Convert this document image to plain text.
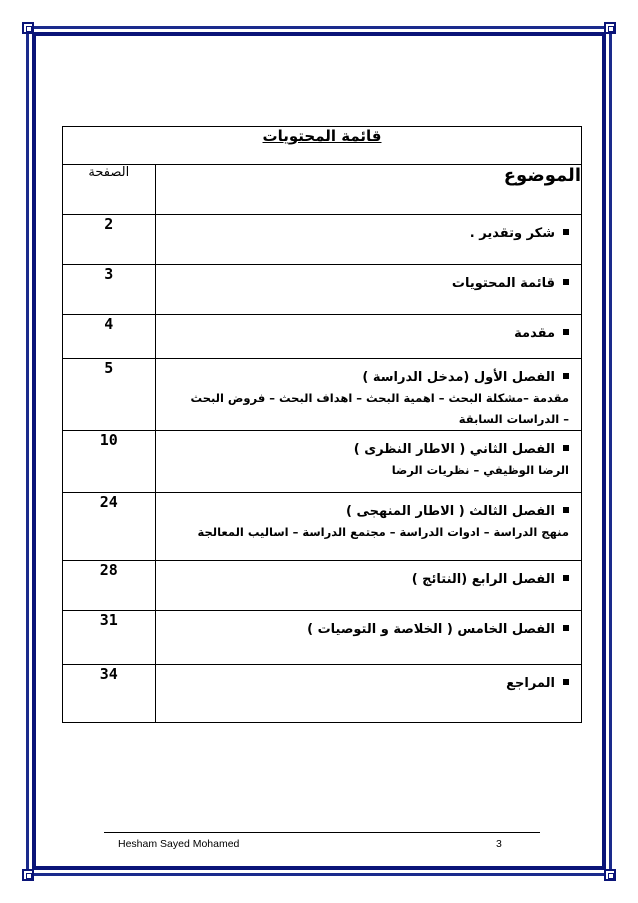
قائمة المحتويات	
الموضوع	الصفحة

شكر وتقدير .	2

قائمة المحتويات	3

مقدمة	4

الفصل الأول (مدخل الدراسة )
مقدمة –مشكلة البحث – اهمية البحث – اهداف البحث – فروض البحث
– الدراسات السابقة	5

الفصل الثاني ( الاطار النظرى )
الرضا الوظيفي – نظريات الرضا	10

الفصل الثالث ( الاطار المنهجى )
منهج الدراسة – ادوات الدراسة – مجتمع الدراسة – اساليب المعالجة	24

الفصل الرابع (النتائج )	28

الفصل الخامس ( الخلاصة و التوصيات )	31

المراجع	34
Hesham Sayed Mohamed	3
